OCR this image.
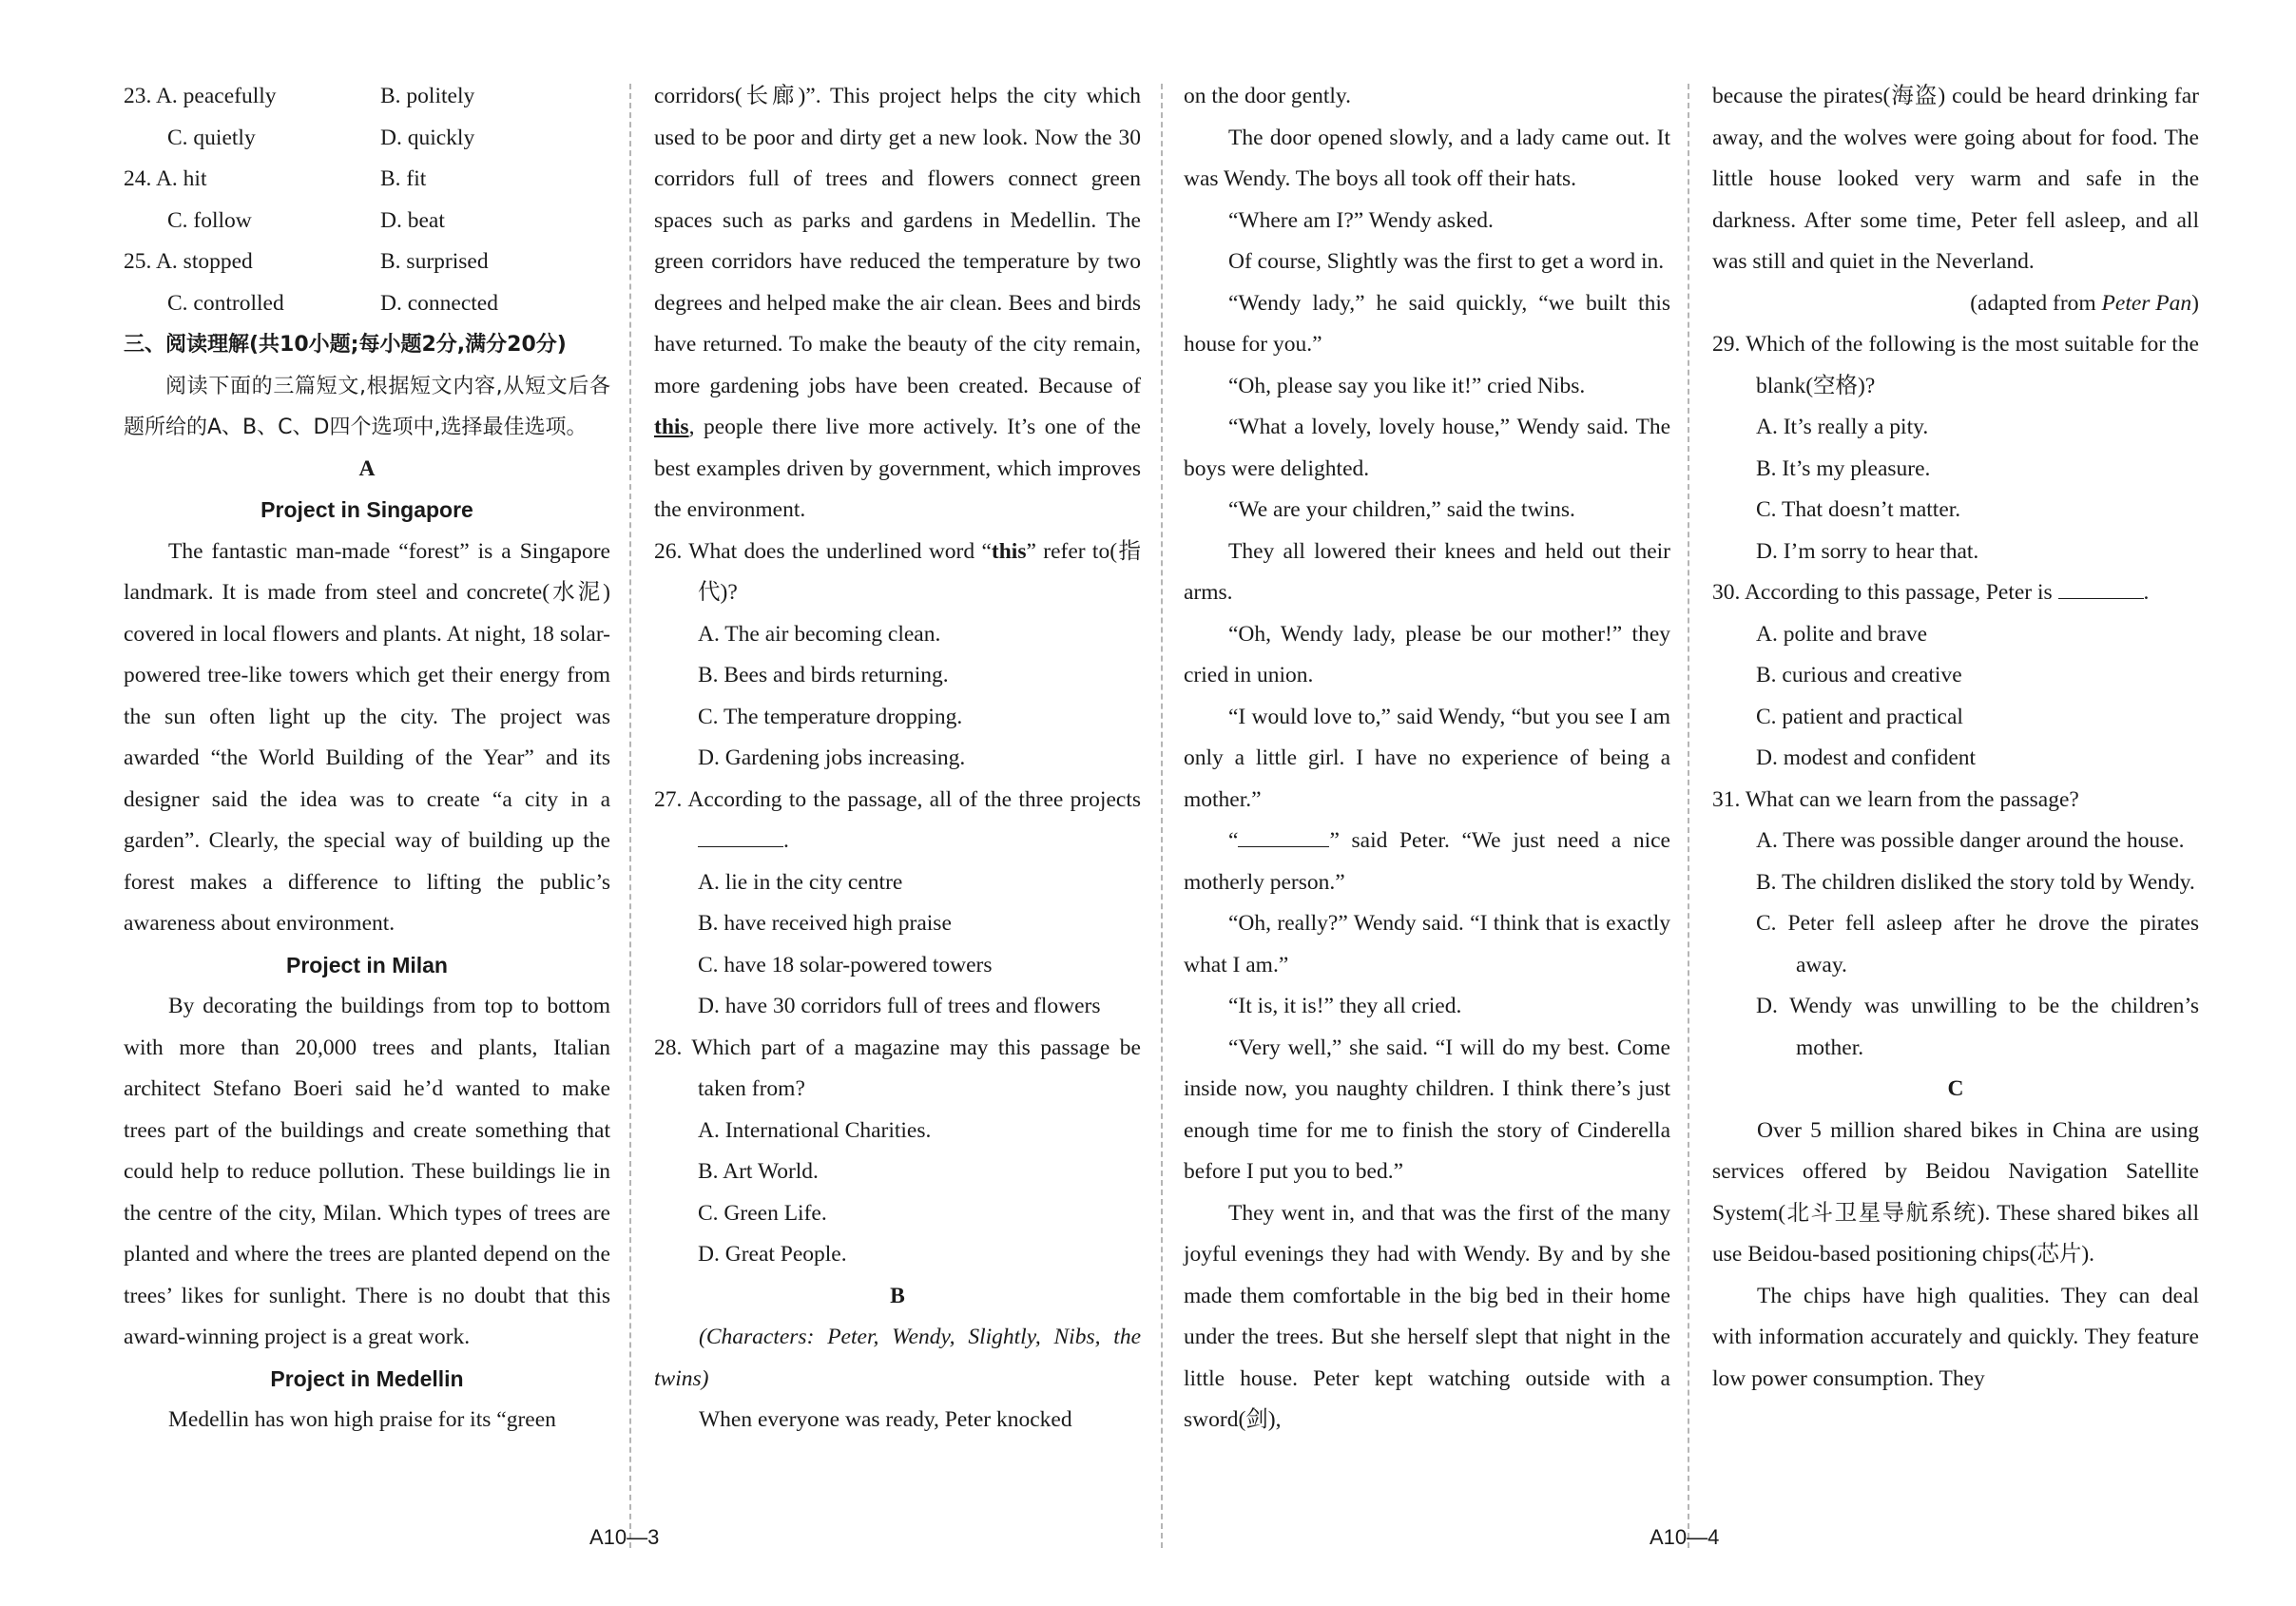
23. A. peacefully	B. politely
C. quietly	D. quickly
24. A. hit	B. fit
C. follow	D. beat
25. A. stopped	B. surprised
C. controlled	D. connected

三、阅读理解(共10小题;每小题2分,满分20分)

阅读下面的三篇短文,根据短文内容,从短文后各题所给的A、B、C、D四个选项中,选择最佳选项。

A

Project in Singapore

The fantastic man-made “forest” is a Singapore landmark. It is made from steel and concrete(水泥) covered in local flowers and plants. At night, 18 solar-powered tree-like towers which get their energy from the sun often light up the city. The project was awarded “the World Building of the Year” and its designer said the idea was to create “a city in a garden”. Clearly, the special way of building up the forest makes a difference to lifting the public’s awareness about environment.

Project in Milan

By decorating the buildings from top to bottom with more than 20,000 trees and plants, Italian architect Stefano Boeri said he’d wanted to make trees part of the buildings and create something that could help to reduce pollution. These buildings lie in the centre of the city, Milan. Which types of trees are planted and where the trees are planted depend on the trees’ likes for sunlight. There is no doubt that this award-winning project is a great work.

Project in Medellin

Medellin has won high praise for its “green

corridors(长廊)”. This project helps the city which used to be poor and dirty get a new look. Now the 30 corridors full of trees and flowers connect green spaces such as parks and gardens in Medellin. The green corridors have reduced the temperature by two degrees and helped make the air clean. Bees and birds have returned. To make the beauty of the city remain, more gardening jobs have been created. Because of this, people there live more actively. It’s one of the best examples driven by government, which improves the environment.

26. What does the underlined word “this” refer to(指代)?

A. The air becoming clean.

B. Bees and birds returning.

C. The temperature dropping.

D. Gardening jobs increasing.

27. According to the passage, all of the three projects .

A. lie in the city centre

B. have received high praise

C. have 18 solar-powered towers

D. have 30 corridors full of trees and flowers

28. Which part of a magazine may this passage be taken from?

A. International Charities.

B. Art World.

C. Green Life.

D. Great People.

B

(Characters: Peter, Wendy, Slightly, Nibs, the twins)

When everyone was ready, Peter knocked

on the door gently.

The door opened slowly, and a lady came out. It was Wendy. The boys all took off their hats.

“Where am I?” Wendy asked.

Of course, Slightly was the first to get a word in.

“Wendy lady,” he said quickly, “we built this house for you.”

“Oh, please say you like it!” cried Nibs.

“What a lovely, lovely house,” Wendy said. The boys were delighted.

“We are your children,” said the twins.

They all lowered their knees and held out their arms.

“Oh, Wendy lady, please be our mother!” they cried in union.

“I would love to,” said Wendy, “but you see I am only a little girl. I have no experience of being a mother.”

“	” said Peter. “We just need a nice motherly person.”

“Oh, really?” Wendy said. “I think that is exactly what I am.”

“It is, it is!” they all cried.

“Very well,” she said. “I will do my best. Come inside now, you naughty children. I think there’s just enough time for me to finish the story of Cinderella before I put you to bed.”

They went in, and that was the first of the many joyful evenings they had with Wendy. By and by she made them comfortable in the big bed in their home under the trees. But she herself slept that night in the little house. Peter kept watching outside with a sword(剑),

because the pirates(海盗) could be heard drinking far away, and the wolves were going about for food. The little house looked very warm and safe in the darkness. After some time, Peter fell asleep, and all was still and quiet in the Neverland.

(adapted from Peter Pan)

29. Which of the following is the most suitable for the blank(空格)?

A. It’s really a pity.

B. It’s my pleasure.

C. That doesn’t matter.

D. I’m sorry to hear that.

30. According to this passage, Peter is	.

A. polite and brave

B. curious and creative

C. patient and practical

D. modest and confident

31. What can we learn from the passage?

A. There was possible danger around the house.

B. The children disliked the story told by Wendy.

C. Peter fell asleep after he drove the pirates away.

D. Wendy was unwilling to be the children’s mother.

C

Over 5 million shared bikes in China are using services offered by Beidou Navigation Satellite System(北斗卫星导航系统). These shared bikes all use Beidou-based positioning chips(芯片).

The chips have high qualities. They can deal with information accurately and quickly. They feature low power consumption. They

A10—3	A10—4
